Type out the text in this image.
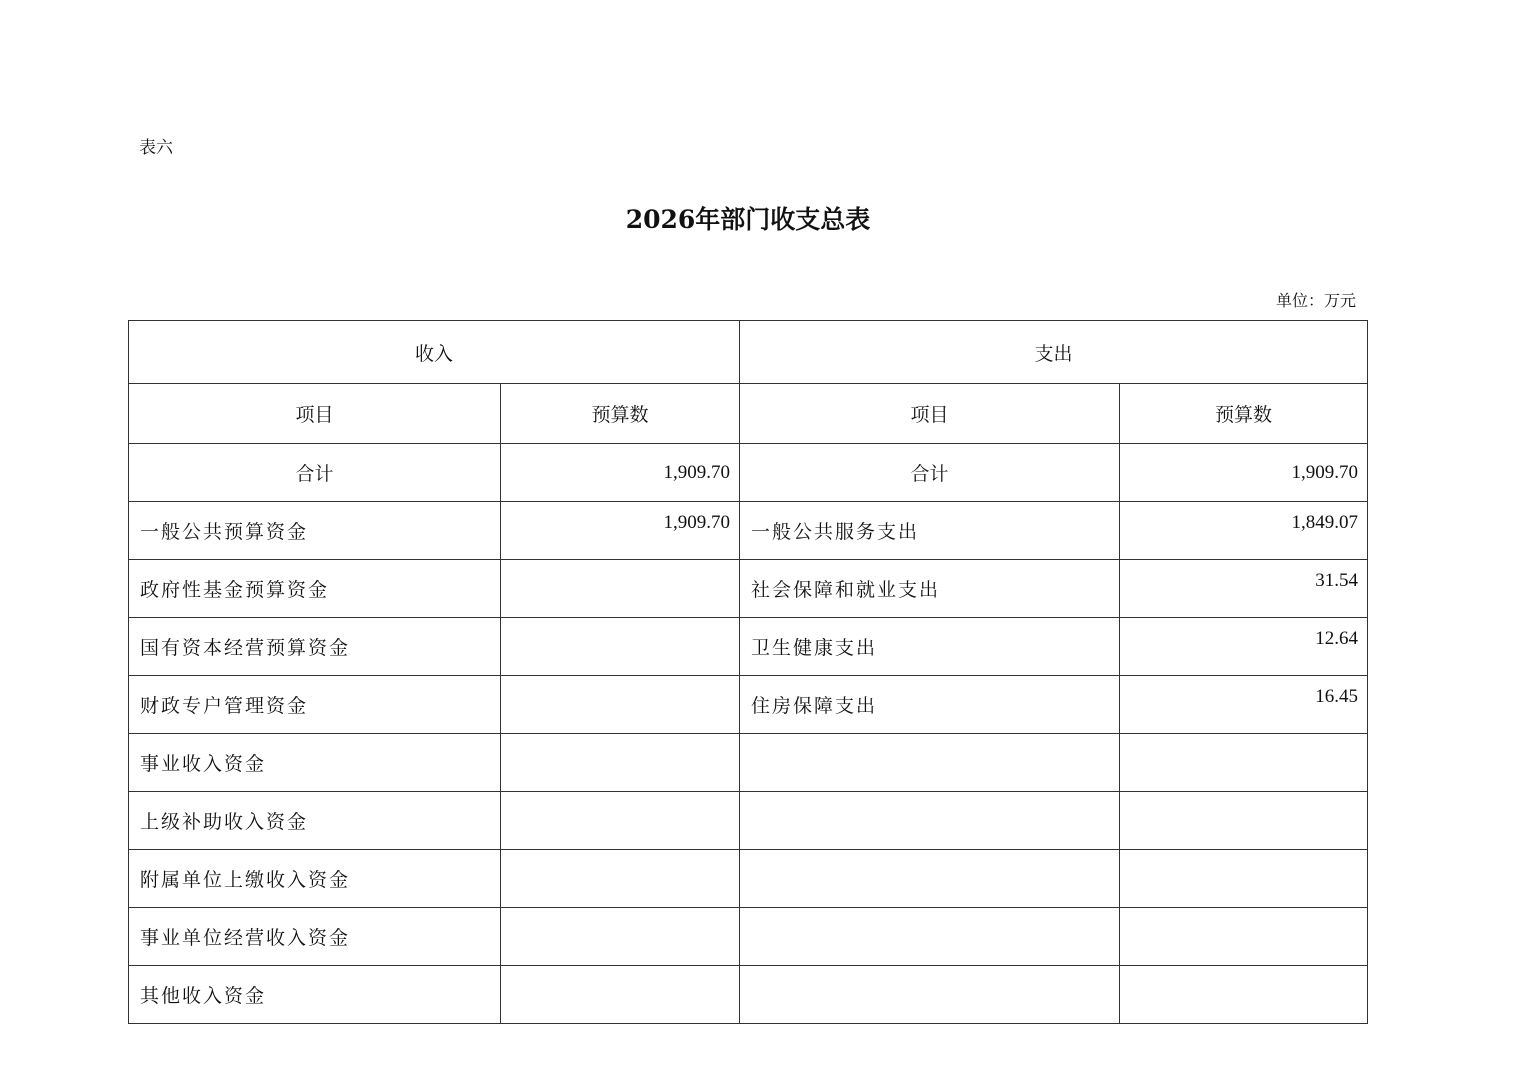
表六
2026年部门收支总表
单位：万元
收入		支出	
项目	预算数	项目	预算数
合计	1,909.70	合计	1,909.70
一般公共预算资金	1,909.70	一般公共服务支出	1,849.07
政府性基金预算资金		社会保障和就业支出	31.54
国有资本经营预算资金		卫生健康支出	12.64
财政专户管理资金		住房保障支出	16.45
事业收入资金			
上级补助收入资金			
附属单位上缴收入资金			
事业单位经营收入资金			
其他收入资金			
